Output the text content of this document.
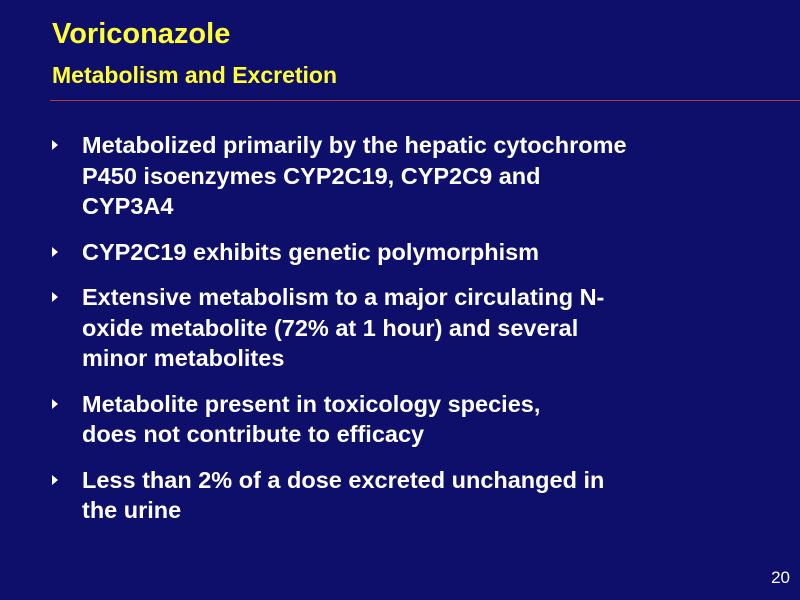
Voriconazole
Metabolism and Excretion
Metabolized primarily by the hepatic cytochrome
P450 isoenzymes CYP2C19, CYP2C9 and
CYP3A4
CYP2C19 exhibits genetic polymorphism
Extensive metabolism to a major circulating N-
oxide metabolite (72% at 1 hour) and several
minor metabolites
Metabolite present in toxicology species,
does not contribute to efficacy
Less than 2% of a dose excreted unchanged in
the urine
20
